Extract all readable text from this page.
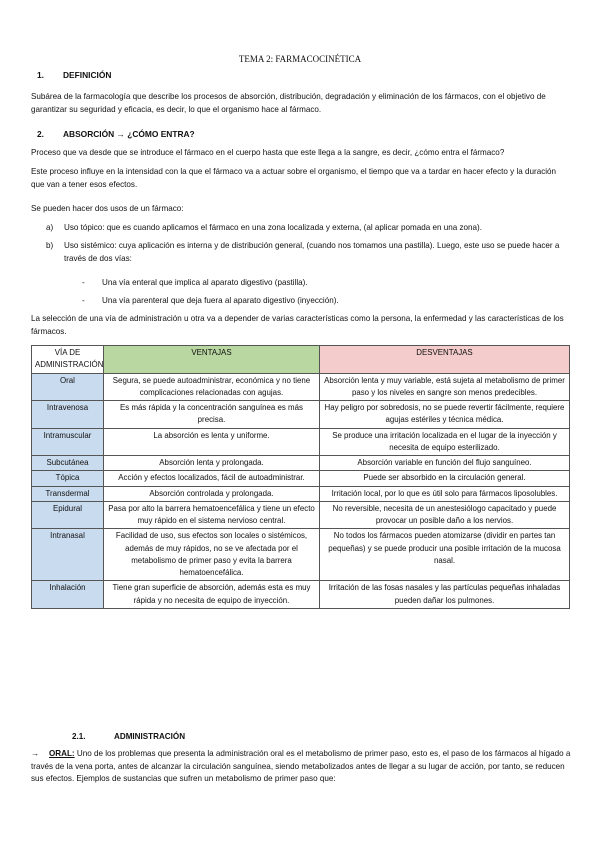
TEMA 2: FARMACOCINÉTICA
1. DEFINICIÓN
Subárea de la farmacología que describe los procesos de absorción, distribución, degradación y eliminación de los fármacos, con el objetivo de garantizar su seguridad y eficacia, es decir, lo que el organismo hace al fármaco.
2. ABSORCIÓN → ¿CÓMO ENTRA?
Proceso que va desde que se introduce el fármaco en el cuerpo hasta que este llega a la sangre, es decir, ¿cómo entra el fármaco?
Este proceso influye en la intensidad con la que el fármaco va a actuar sobre el organismo, el tiempo que va a tardar en hacer efecto y la duración que van a tener esos efectos.
Se pueden hacer dos usos de un fármaco:
a) Uso tópico: que es cuando aplicamos el fármaco en una zona localizada y externa, (al aplicar pomada en una zona).
b) Uso sistémico: cuya aplicación es interna y de distribución general, (cuando nos tomamos una pastilla). Luego, este uso se puede hacer a través de dos vías:
- Una vía enteral que implica al aparato digestivo (pastilla).
- Una vía parenteral que deja fuera al aparato digestivo (inyección).
La selección de una vía de administración u otra va a depender de varias características como la persona, la enfermedad y las características de los fármacos.
VÍA DE ADMINISTRACIÓN	VENTAJAS	DESVENTAJAS
Oral	Segura, se puede autoadministrar, económica y no tiene complicaciones relacionadas con agujas.	Absorción lenta y muy variable, está sujeta al metabolismo de primer paso y los niveles en sangre son menos predecibles.
Intravenosa	Es más rápida y la concentración sanguínea es más precisa.	Hay peligro por sobredosis, no se puede revertir fácilmente, requiere agujas estériles y técnica médica.
Intramuscular	La absorción es lenta y uniforme.	Se produce una irritación localizada en el lugar de la inyección y necesita de equipo esterilizado.
Subcutánea	Absorción lenta y prolongada.	Absorción variable en función del flujo sanguíneo.
Tópica	Acción y efectos localizados, fácil de autoadministrar.	Puede ser absorbido en la circulación general.
Transdermal	Absorción controlada y prolongada.	Irritación local, por lo que es útil solo para fármacos liposolubles.
Epidural	Pasa por alto la barrera hematoencefálica y tiene un efecto muy rápido en el sistema nervioso central.	No reversible, necesita de un anestesiólogo capacitado y puede provocar un posible daño a los nervios.
Intranasal	Facilidad de uso, sus efectos son locales o sistémicos, además de muy rápidos, no se ve afectada por el metabolismo de primer paso y evita la barrera hematoencefálica.	No todos los fármacos pueden atomizarse (dividir en partes tan pequeñas) y se puede producir una posible irritación de la mucosa nasal.
Inhalación	Tiene gran superficie de absorción, además esta es muy rápida y no necesita de equipo de inyección.	Irritación de las fosas nasales y las partículas pequeñas inhaladas pueden dañar los pulmones.
2.1.	ADMINISTRACIÓN
→	ORAL: Uno de los problemas que presenta la administración oral es el metabolismo de primer paso, esto es, el paso de los fármacos al hígado a través de la vena porta, antes de alcanzar la circulación sanguínea, siendo metabolizados antes de llegar a su lugar de acción, por tanto, se reducen sus efectos. Ejemplos de sustancias que sufren un metabolismo de primer paso que:
